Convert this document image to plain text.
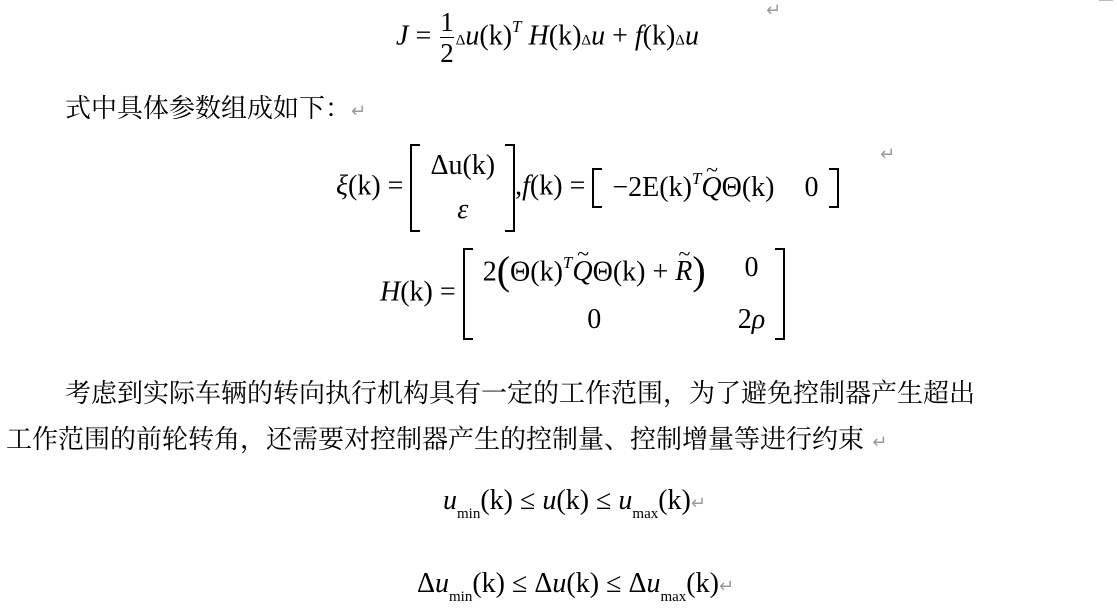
$J = \frac{1}{2} \Delta u(k)^T$ H(k)Δu + f(k)Δu
↵
式中具体参数组成如下：↵
ξ(k) =
Δu(k)
ε
$,f(k) = -2E(k)^TQ$ ~Θ(k)	0
↵
H(k) =
$2(\Theta(k)^TQ$ ~Θ(k) + R ~)	0
0	2ρ
考虑到实际车辆的转向执行机构具有一定的工作范围，为了避免控制器产生超出
工作范围的前轮转角，还需要对控制器产生的控制量、控制增量等进行约束 ↵
$u_{min}(k) \le u(k)$ ≤ $u_{max}(k)↵$
$\Delta u_{min}(k) \le \Delta u(k)$ ≤ $\Delta u_{max}(k)↵$
